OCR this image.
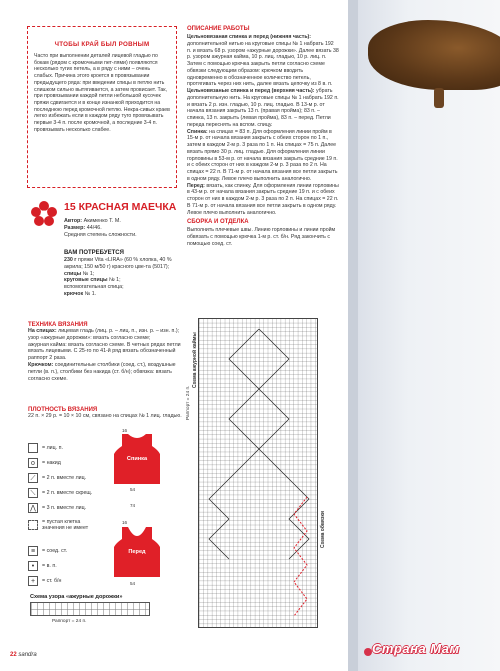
ЧТОБЫ КРАЙ БЫЛ РОВНЫМ
Часто при выполнении деталей лицевой гладью по бокам (рядом с кромочными пет-лями) появляются несколько тугих петель, а в ряду с ними – очень слабых. Причина этого кроется в провязывании предыдущего ряда: при введении спицы в петлю нить слишком сильно вытягивается, а затем провисает. Так, при провязывании каждой петли небольшой кусочек пряжи сдвигается и в конце изнанкой приходится на последнюю перед кромочной петлю. Некра-сивых краев легко избежать если в каждом ряду туго провязывать первые 3-4 п. после кромочной, а последние 3-4 п. провязывать несколько слабее.
15 КРАСНАЯ МАЕЧКА
Автор: Акименко Т. М.
Размер: 44/46.
Средняя степень сложности.
ВАМ ПОТРЕБУЕТСЯ
230 г пряжи Vita «LIRA» (60 % хлопка, 40 % акрила; 150 м/50 г) красного цве-та (5017);
спицы № 1;
круговые спицы № 1;
вспомогательная спица;
крючок № 1.
ТЕХНИКА ВЯЗАНИЯ
На спицах: лицевая гладь (лиц. р. – лиц. п., изн. р. – изн. п.);
узор «ажурные дорожки»: вязать согласно схеме;
ажурная кайма: вязать согласно схеме. В четных рядах петли вязать лицевыми. С 25-го по 41-й ряд вязать обозначенный раппорт 2 раза.
Крючком: соединительные столбики (соед. ст.), воздушные петли (в. п.), столбики без накида (ст. б/н); обвязка: вязать согласно схеме.
ПЛОТНОСТЬ ВЯЗАНИЯ
22 п. × 29 р. = 10 × 10 см, связано на спицах № 1 лиц. гладью.
= лиц. п.
o	= накид
⟋	= 2 п. вместе лиц.
⟍	= 2 п. вместе скрещ.
⋀	= 3 п. вместе лиц.
= пустая клетка значения не имеет
≡	= соед. ст.
•	= в. п.
+	= ст. б/н
Спинка
16
54
Перед
16
74
54
Схема узора «ажурные дорожки»
Раппорт = 24 п.
ОПИСАНИЕ РАБОТЫ
Цельновязаная спинка и перед (нижняя часть): дополнительной нитью на круговые спицы № 1 набрать 192 п. и вязать 68 р. узором «ажурные дорожки». Далее вязать 38 р. узором ажурная кайма, 10 р. лиц. гладью, 10 р. лиц. п. Затем с помощью крючка закрыть петли согласно схеме обвязки следующим образом: крючком вводить одновременно в обозначенное количество петель, протягивать через них нить, далее вязать цепочку из 8 в. п.
Цельновязаные спинка и перед (верхняя часть): убрать дополнительную нить. На круговые спицы № 1 набрать 192 п. и вязать 2 р. изн. гладью, 10 р. лиц. гладью. В 13-м р. от начала вязания закрыть 13 п. (правая пройма); 83 п. – спинка, 13 п. закрыть (левая пройма), 83 п. – перед. Петли переда переснять на вспом. спицу.
Спинка: на спицах = 83 п. Для оформления линии пройм в 15-м р. от начала вязания закрыть с обеих сторон по 1 п., затем в каждом 2-м р. 3 раза по 1 п. На спицах = 75 п. Далее вязать прямо 30 р. лиц. гладью. Для оформления линии горловины в 53-м р. от начала вязания закрыть средние 19 п. и с обеих сторон от них в каждом 2-м р. 3 раза по 2 п. На спицах = 22 п. В 71-м р. от начала вязания все петли закрыть в одном ряду. Левое плечо выполнить аналогично.
Перед: вязать, как спинку. Для оформления линии горловины в 43-м р. от начала вязания закрыть средние 19 п. и с обеих сторон от них в каждом 2-м р. 3 раза по 2 п. На спицах = 22 п. В 71-м р. от начала вязания все петли закрыть в одном ряду. Левое плечо выполнить аналогично.
СБОРКА И ОТДЕЛКА
Выполнить плечевые швы. Линию горловины и линии пройм обвязать с помощью крючка 1-м р. ст. б/н. Ряд закончить с помощью соед. ст.
Схема ажурной каймы
Раппорт = 24 п.
Схема обвязки
22 sandra	Страна Мам
